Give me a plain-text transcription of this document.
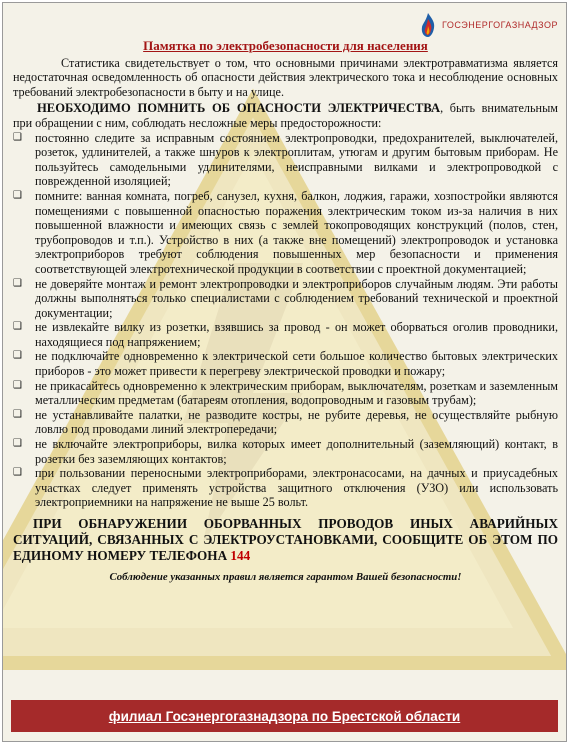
ГОСЭНЕРГОГАЗНАДЗОР

Памятка по электробезопасности для населения

Статистика свидетельствует о том, что основными причинами электротравматизма является недостаточная осведомленность об опасности действия электрического тока и несоблюдение основных требований электробезопасности в быту и на улице.

НЕОБХОДИМО ПОМНИТЬ ОБ ОПАСНОСТИ ЭЛЕКТРИЧЕСТВА, быть внимательным при обращении с ним, соблюдать несложные меры предосторожности:

❑	постоянно следите за исправным состоянием электропроводки, предохранителей, выключателей, розеток, удлинителей, а также шнуров к электроплитам, утюгам и другим бытовым приборам. Не пользуйтесь самодельными удлинителями, неисправными вилками и электропроводкой с поврежденной изоляцией;
❑	помните: ванная комната, погреб, санузел, кухня, балкон, лоджия, гаражи, хозпостройки являются помещениями с повышенной опасностью поражения электрическим током из-за наличия в них повышенной влажности и имеющих связь с землей токопроводящих конструкций (полов, стен, трубопроводов и т.п.). Устройство в них (а также вне помещений) электропроводок и установка электроприборов требуют соблюдения повышенных мер безопасности и применения соответствующей электротехнической продукции в соответствии с проектной документацией;
❑	не доверяйте монтаж и ремонт электропроводки и электроприборов случайным людям. Эти работы должны выполняться только специалистами с соблюдением требований технической и проектной документации;
❑	не извлекайте вилку из розетки, взявшись за провод - он может оборваться оголив проводники, находящиеся под напряжением;
❑	не подключайте одновременно к электрической сети большое количество бытовых электрических приборов - это может привести к перегреву электрической проводки и пожару;
❑	не прикасайтесь одновременно к электрическим приборам, выключателям, розеткам и заземленным металлическим предметам (батареям отопления, водопроводным и газовым трубам);
❑	не устанавливайте палатки, не разводите костры, не рубите деревья, не осуществляйте рыбную ловлю под проводами линий электропередачи;
❑	не включайте электроприборы, вилка которых имеет дополнительный (заземляющий) контакт, в розетки без заземляющих контактов;
❑	при пользовании переносными электроприборами, электронасосами, на дачных и приусадебных участках следует применять устройства защитного отключения (УЗО) или использовать электроприемники на напряжение не выше 25 вольт.

ПРИ ОБНАРУЖЕНИИ ОБОРВАННЫХ ПРОВОДОВ ИНЫХ АВАРИЙНЫХ СИТУАЦИЙ, СВЯЗАННЫХ С ЭЛЕКТРОУСТАНОВКАМИ, СООБЩИТЕ ОБ ЭТОМ ПО ЕДИНОМУ НОМЕРУ ТЕЛЕФОНА 144

Соблюдение указанных правил является гарантом Вашей безопасности!

филиал Госэнергогазнадзора по Брестской области
